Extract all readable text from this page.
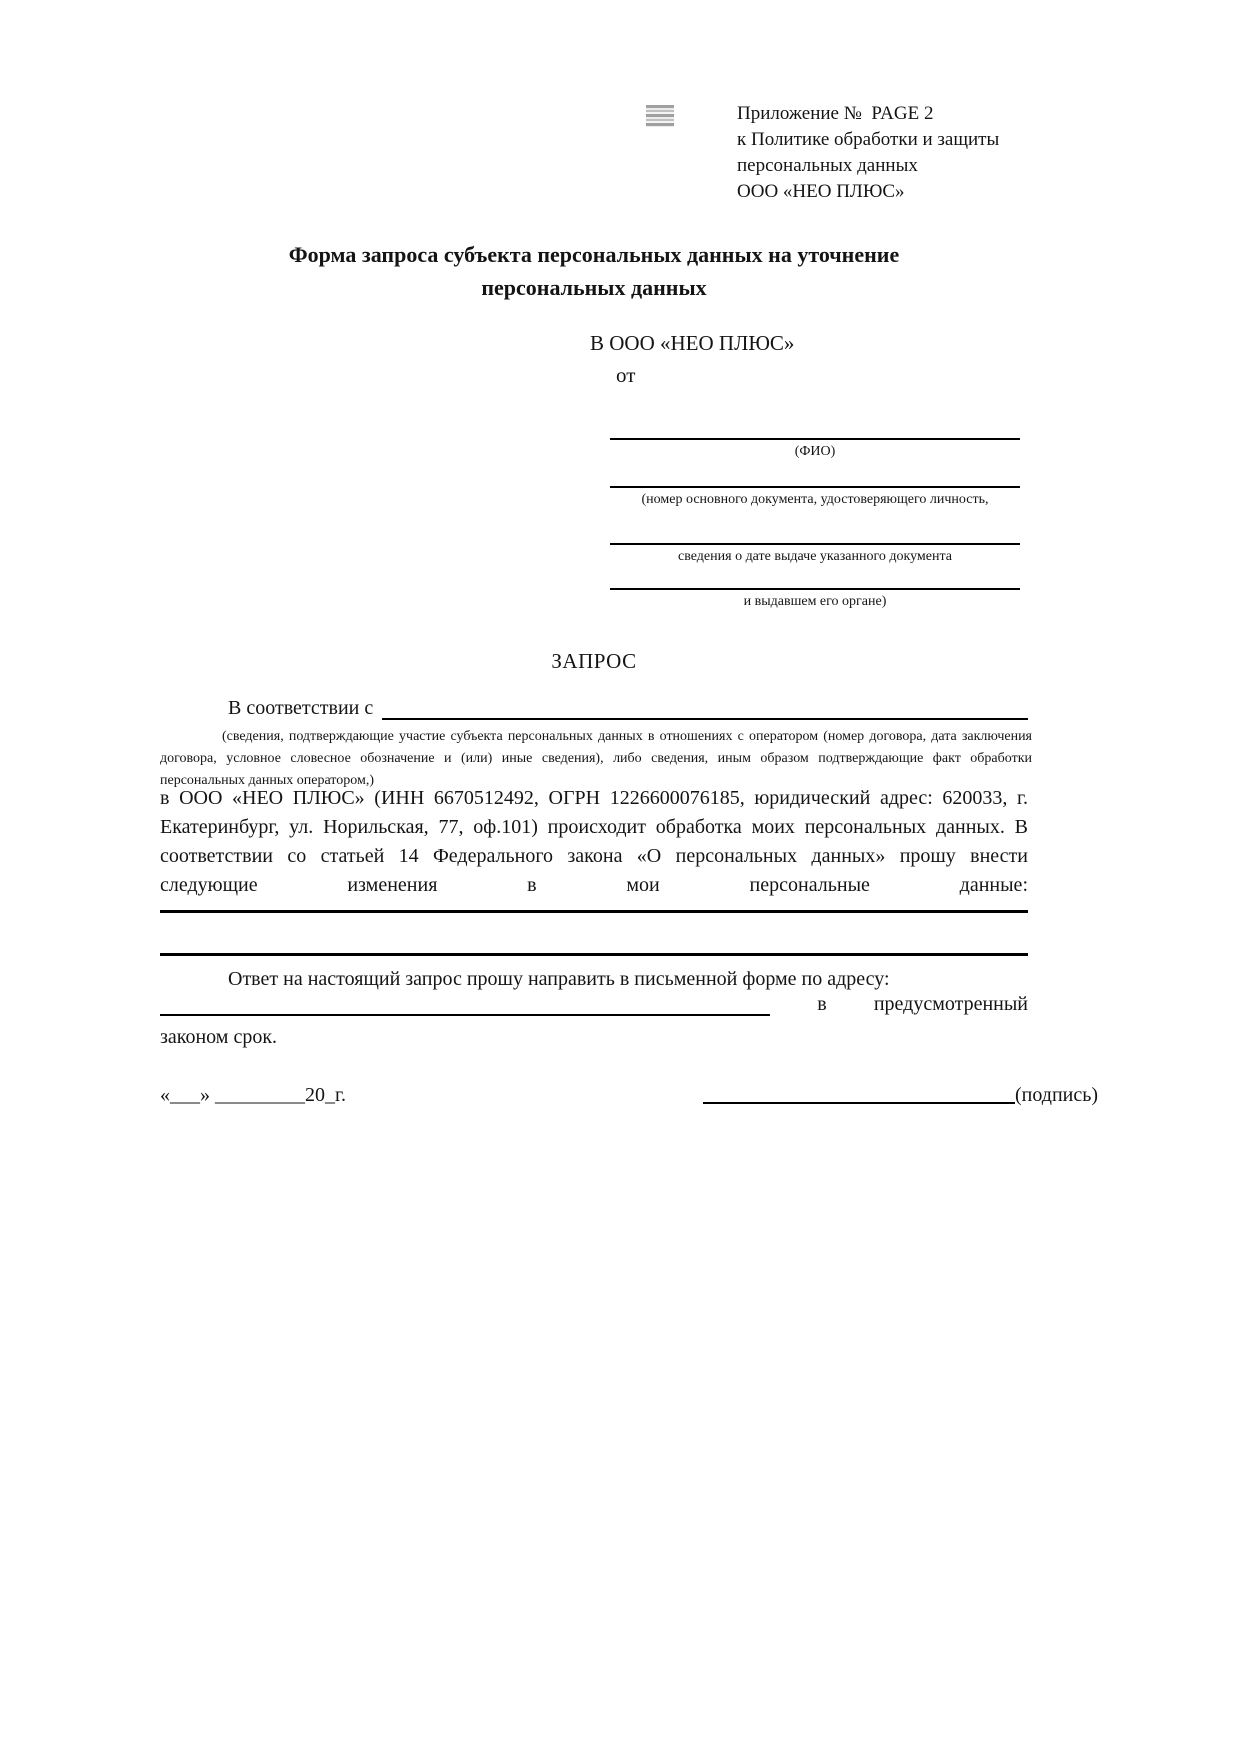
Приложение №  PAGE 2
к Политике обработки и защиты
персональных данных
ООО «НЕО ПЛЮС»
Форма запроса субъекта персональных данных на уточнение
персональных данных
В ООО «НЕО ПЛЮС»
от
(ФИО)
(номер основного документа, удостоверяющего личность,
сведения о дате выдаче указанного документа
и выдавшем его органе)
ЗАПРОС
В соответствии с
(сведения, подтверждающие участие субъекта персональных данных в отношениях с оператором (номер договора, дата заключения договора, условное словесное обозначение и (или) иные сведения), либо сведения, иным образом подтверждающие факт обработки персональных данных оператором,)
в ООО «НЕО ПЛЮС» (ИНН 6670512492, ОГРН 1226600076185, юридический адрес: 620033, г. Екатеринбург, ул. Норильская, 77, оф.101) происходит обработка моих персональных данных. В соответствии со статьей 14 Федерального закона «О персональных данных» прошу внести следующие изменения в мои персональные данные:
Ответ на настоящий запрос прошу направить в письменной форме по адресу:
в предусмотренный
законом срок.
«___» _________20_г.	(подпись)
